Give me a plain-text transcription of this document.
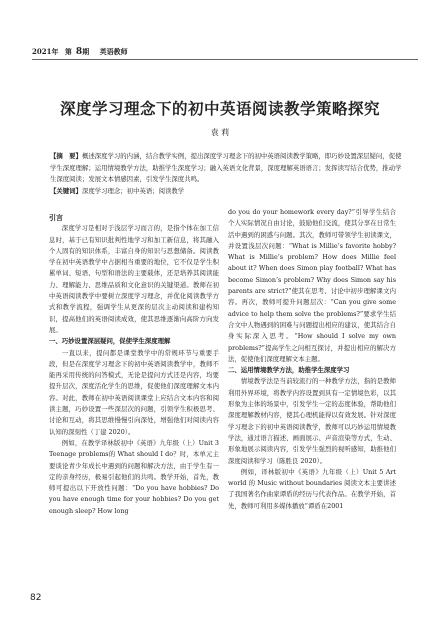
2021年 第 8期 英语教师
深度学习理念下的初中英语阅读教学策略探究
袁 莉
【摘　要】概述深度学习的内涵，结合教学实例，提出深度学习理念下的初中英语阅读教学策略，即巧妙设置深层疑问，促使学生深度理解；运用情境教学方法，助推学生深度学习；融入英语文化背景，深度理解英语语言；发挥读写结合优势，推动学生深度阅读；发展文本情感因素，引发学生深度共鸣。
【关键词】深度学习理念；初中英语；阅读教学

引言

深度学习是相对于浅层学习而言的，是指个体在加工信息时，基于已有知识批判性地学习和加工新信息，将其融入个人固有的知识体系，丰富自身的知识与思想储备。阅读教学在初中英语教学中占据相当重要的地位，它不仅是学生积累单词、短语、句型和语法的主要载体，还是培养其阅读能力、理解能力、思维品质和文化意识的关键渠道。教师在初中英语阅读教学中要树立深度学习理念，并优化阅读教学方式和教学流程，强调学生从更深的层次主动阅读和建构知识，提高他们的英语阅读成效，使其思维逐渐向高阶方向发展。

一、巧妙设置深层疑问，促使学生深度理解

一直以来，提问都是课堂教学中的常规环节与重要手段，但是在深度学习理念下的初中英语阅读教学中，教师不能再采用传统的问答模式，无论是提问方式还是内容，均要提升层次，深度活化学生的思维，促使他们深度理解文本内容。对此，教师在初中英语阅读课堂上应结合文本内容和阅读主题，巧妙设置一些深层次的问题，引领学生积极思考、讨论和互动，将其思维慢慢引向深处，增强他们对阅读内容认知的深刻性（丁建 2020）。

例如，在教学译林版初中《英语》九年级（上）Unit 3 Teenage problems的 What should I do？时，本单元主要谈论青少年成长中遇到的问题和解决方法，由于学生有一定的亲身经历，极易引起他们的共鸣。教学开始，首先，教师可提出以下开放性问题：“Do you have hobbies? Do you have enough time for your hobbies? Do you get enough sleep? How long

do you do your homework every day?”引导学生结合个人实际情况自由讨论，鼓励他们交流，使其分享在日常生活中遇到的困惑与问题。其次，教师可带领学生初读课文，并设置浅层次问题：“What is Millie’s favorite hobby? What is Millie’s problem? How does Millie feel about it? When does Simon play football? What has become Simon’s problem? Why does Simon say his parents are strict?”使其在思考、讨论中初步理解课文内容。再次，教师可提升问题层次：“Can you give some advice to help them solve the problems?”要求学生结合文中人物遇到的困难与问题提出相应的建议，使其结合自身实际深入思考。“How should I solve my own problems?”提高学生之问相互探讨，并提出相应的解决方法，促使他们深度理解文本主题。

二、运用情境教学方法，助推学生深度学习

情境教学法是当前较流行的一种教学方法，指的是教师利用外界环境，将教学内容设置到具有一定情境色彩，以其形象为主体的场景中，引发学生一定的态度体验，帮助他们深度理解教材内容，使其心理机能得以有效发展。针对深度学习理念下的初中英语阅读教学，教师可以巧妙运用情境教学法，通过语言描述、画面展示、声音渲染等方式，生动、形象地展示阅读内容，引发学生强烈的视听感知，助推他们深度阅读和学习（陈胜良 2020）。

例如，译林版初中《英语》九年级（上）Unit 5 Art world 的 Music without boundaries 阅读文本主要讲述了我国著名作曲家谭盾的经历与代表作品。在教学开始，首先，教师可利用多媒体播放“谭盾在2001

82
